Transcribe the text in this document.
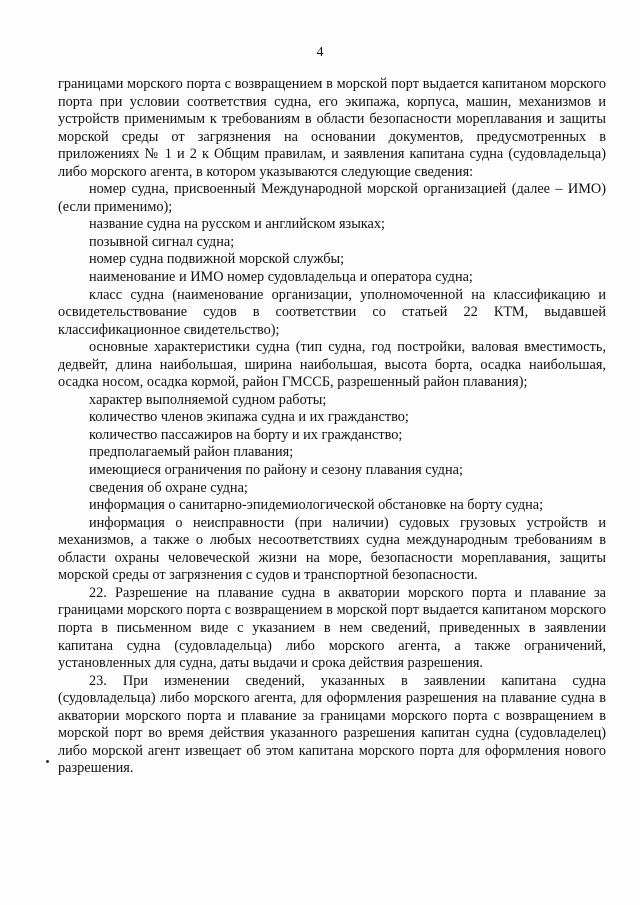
4

границами морского порта с возвращением в морской порт выдается капитаном морского порта при условии соответствия судна, его экипажа, корпуса, машин, механизмов и устройств применимым к требованиям в области безопасности мореплавания и защиты морской среды от загрязнения на основании документов, предусмотренных в приложениях № 1 и 2 к Общим правилам, и заявления капитана судна (судовладельца) либо морского агента, в котором указываются следующие сведения:

номер судна, присвоенный Международной морской организацией (далее – ИМО) (если применимо);

название судна на русском и английском языках;

позывной сигнал судна;

номер судна подвижной морской службы;

наименование и ИМО номер судовладельца и оператора судна;

класс судна (наименование организации, уполномоченной на классификацию и освидетельствование судов в соответствии со статьей 22 КТМ, выдавшей классификационное свидетельство);

основные характеристики судна (тип судна, год постройки, валовая вместимость, дедвейт, длина наибольшая, ширина наибольшая, высота борта, осадка наибольшая, осадка носом, осадка кормой, район ГМССБ, разрешенный район плавания);

характер выполняемой судном работы;

количество членов экипажа судна и их гражданство;

количество пассажиров на борту и их гражданство;

предполагаемый район плавания;

имеющиеся ограничения по району и сезону плавания судна;

сведения об охране судна;

информация о санитарно-эпидемиологической обстановке на борту судна;

информация о неисправности (при наличии) судовых грузовых устройств и механизмов, а также о любых несоответствиях судна международным требованиям в области охраны человеческой жизни на море, безопасности мореплавания, защиты морской среды от загрязнения с судов и транспортной безопасности.

22. Разрешение на плавание судна в акватории морского порта и плавание за границами морского порта с возвращением в морской порт выдается капитаном морского порта в письменном виде с указанием в нем сведений, приведенных в заявлении капитана судна (судовладельца) либо морского агента, а также ограничений, установленных для судна, даты выдачи и срока действия разрешения.

23. При изменении сведений, указанных в заявлении капитана судна (судовладельца) либо морского агента, для оформления разрешения на плавание судна в акватории морского порта и плавание за границами морского порта с возвращением в морской порт во время действия указанного разрешения капитан судна (судовладелец) либо морской агент извещает об этом капитана морского порта для оформления нового разрешения.
